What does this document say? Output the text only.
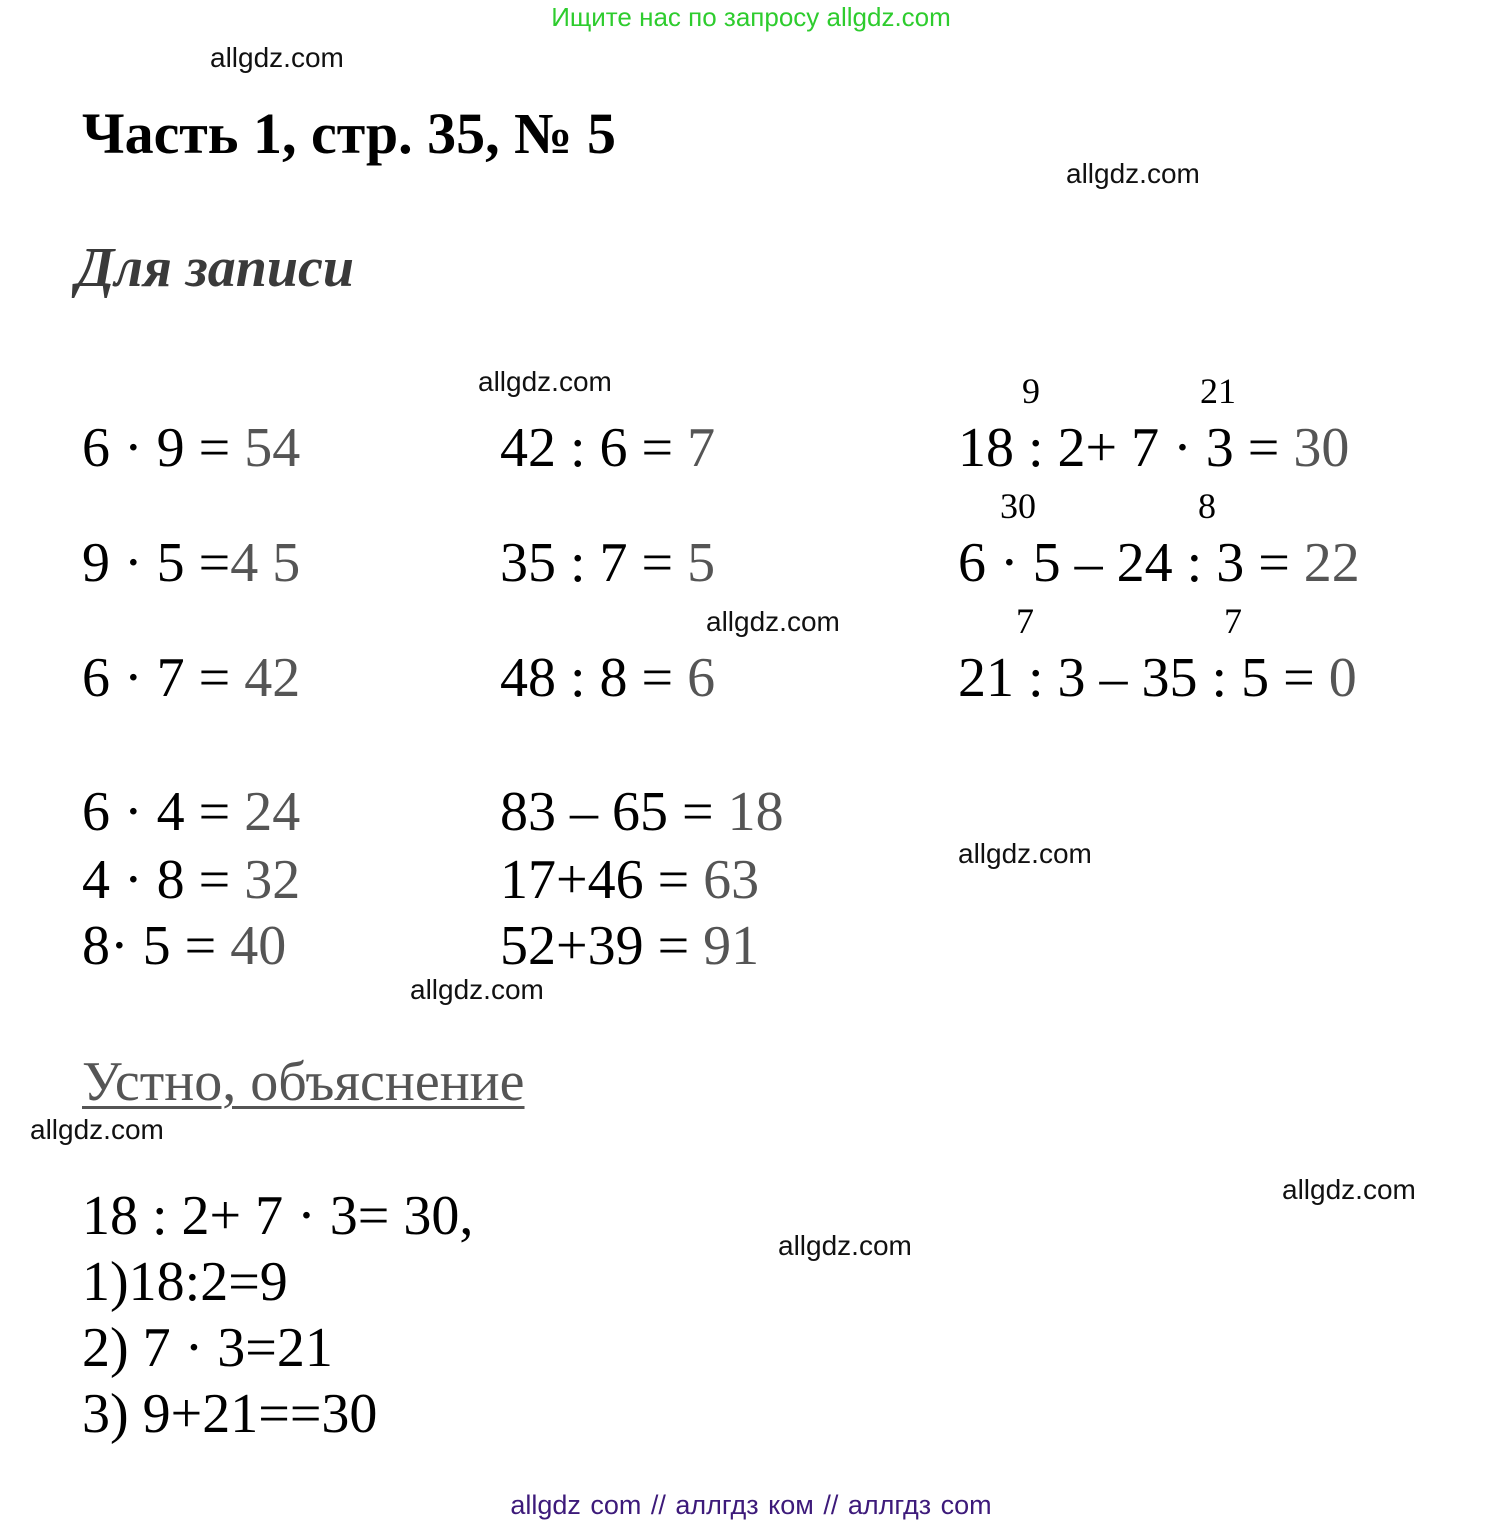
Ищите нас по запросу allgdz.com
allgdz.com
Часть 1, стр. 35, № 5
allgdz.com
Для записи
allgdz.com
6 · 9 = 54
9 · 5 =4 5
6 · 7 = 42
6 · 4 = 24
4 · 8 = 32
8· 5 = 40
42 : 6 = 7
35 : 7 = 5
allgdz.com
48 : 8 = 6
83 – 65 = 18
17+46 = 63
52+39 = 91
allgdz.com
9	21
18 : 2+ 7 · 3 = 30
30	8
6 · 5 – 24 : 3 = 22
7	7
21 : 3 – 35 : 5 = 0
allgdz.com
Устно, объяснение
allgdz.com
allgdz.com
allgdz.com
18 : 2+ 7 · 3= 30,
1)18:2=9
2) 7 · 3=21
3) 9+21==30
allgdz com // аллгдз ком // аллгдз com
